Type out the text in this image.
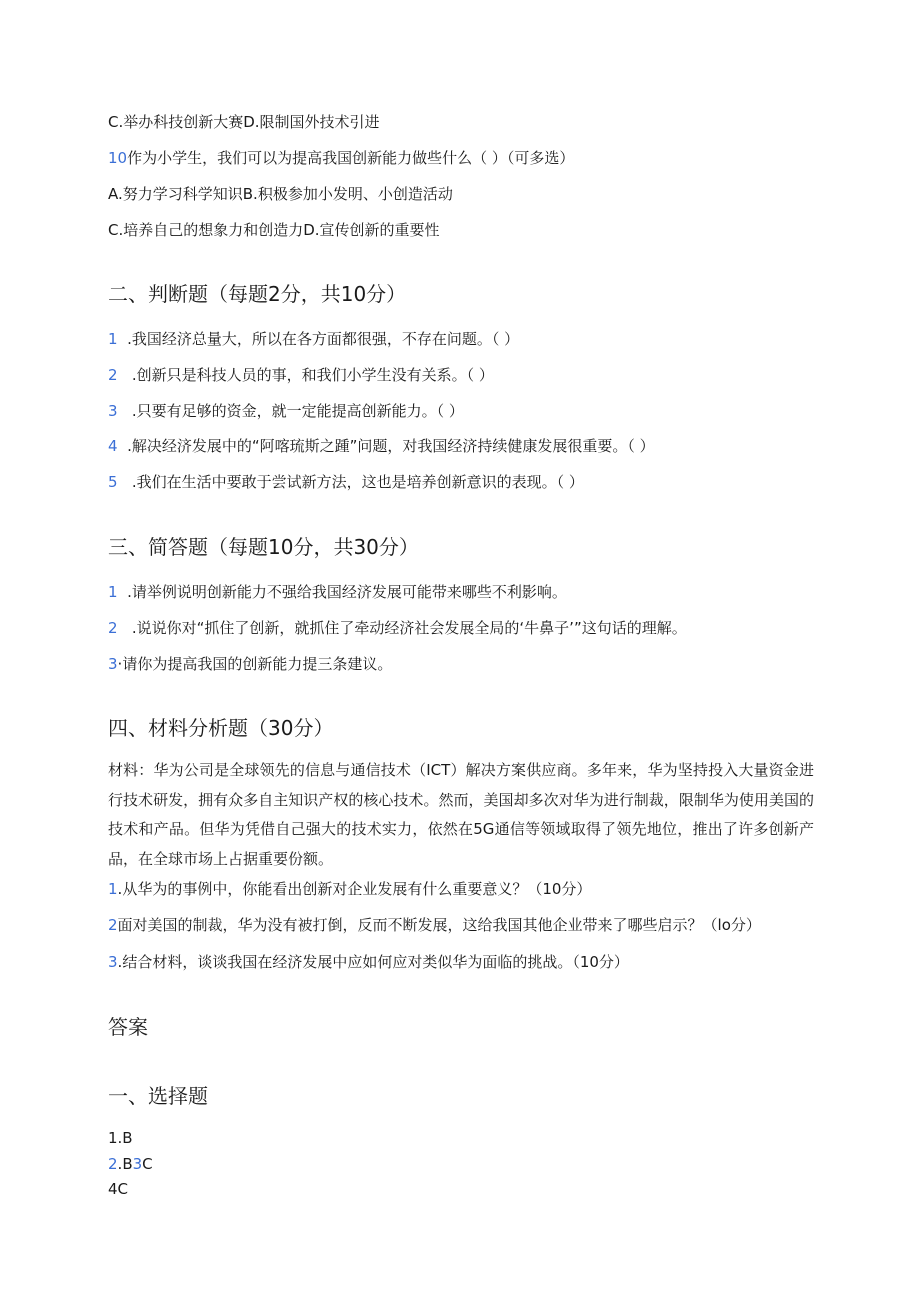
C.举办科技创新大赛D.限制国外技术引进
10作为小学生，我们可以为提高我国创新能力做些什么（ ）（可多选）
A.努力学习科学知识B.积极参加小发明、小创造活动
C.培养自己的想象力和创造力D.宣传创新的重要性
二、判断题（每题2分，共10分）
1 .我国经济总量大，所以在各方面都很强，不存在问题。（ ）
2 .创新只是科技人员的事，和我们小学生没有关系。（ ）
3 .只要有足够的资金，就一定能提高创新能力。（ ）
4 .解决经济发展中的“阿喀琉斯之踵”问题，对我国经济持续健康发展很重要。（ ）
5 .我们在生活中要敢于尝试新方法，这也是培养创新意识的表现。（ ）
三、简答题（每题10分，共30分）
1 .请举例说明创新能力不强给我国经济发展可能带来哪些不利影响。
2 .说说你对“抓住了创新，就抓住了牵动经济社会发展全局的‘牛鼻子’”这句话的理解。
3·请你为提高我国的创新能力提三条建议。
四、材料分析题（30分）
材料：华为公司是全球领先的信息与通信技术（ICT）解决方案供应商。多年来，华为坚持投入大量资金进行技术研发，拥有众多自主知识产权的核心技术。然而，美国却多次对华为进行制裁，限制华为使用美国的技术和产品。但华为凭借自己强大的技术实力，依然在5G通信等领域取得了领先地位，推出了许多创新产品，在全球市场上占据重要份额。
1.从华为的事例中，你能看出创新对企业发展有什么重要意义？（10分）
2面对美国的制裁，华为没有被打倒，反而不断发展，这给我国其他企业带来了哪些启示？（lo分）
3.结合材料，谈谈我国在经济发展中应如何应对类似华为面临的挑战。（10分）
答案
一、选择题
1.B
2.B3C
4C
